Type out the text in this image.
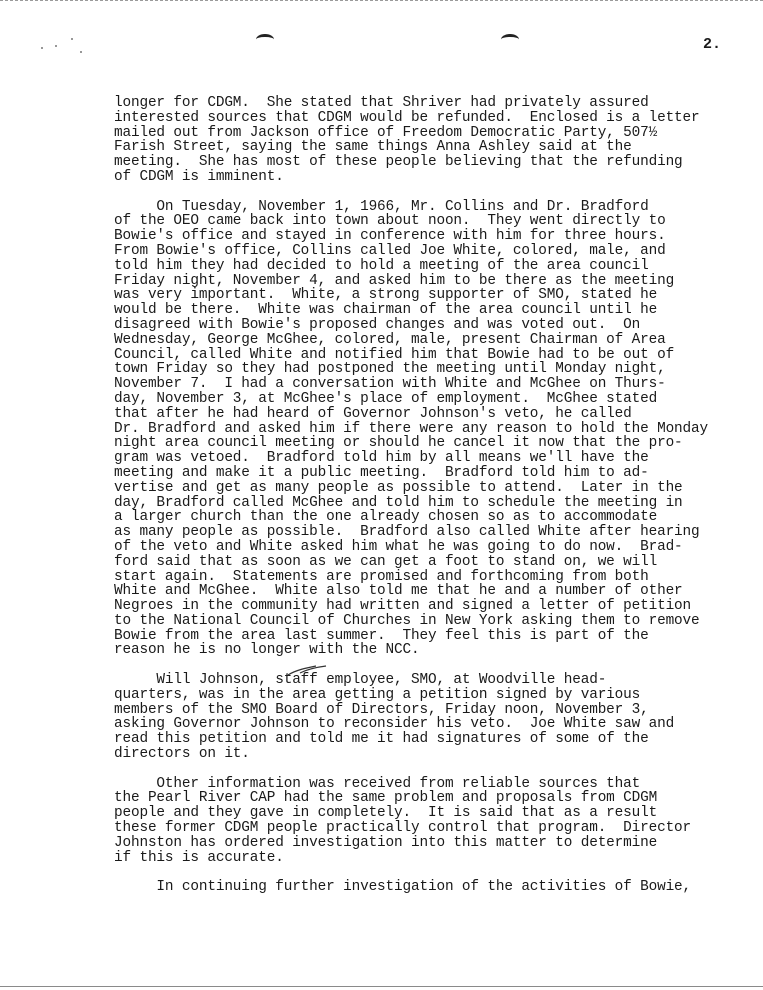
2.
longer for CDGM.  She stated that Shriver had privately assured
interested sources that CDGM would be refunded.  Enclosed is a letter
mailed out from Jackson office of Freedom Democratic Party, 507½
Farish Street, saying the same things Anna Ashley said at the
meeting.  She has most of these people believing that the refunding
of CDGM is imminent.
On Tuesday, November 1, 1966, Mr. Collins and Dr. Bradford
of the OEO came back into town about noon.  They went directly to
Bowie's office and stayed in conference with him for three hours.
From Bowie's office, Collins called Joe White, colored, male, and
told him they had decided to hold a meeting of the area council
Friday night, November 4, and asked him to be there as the meeting
was very important.  White, a strong supporter of SMO, stated he
would be there.  White was chairman of the area council until he
disagreed with Bowie's proposed changes and was voted out.  On
Wednesday, George McGhee, colored, male, present Chairman of Area
Council, called White and notified him that Bowie had to be out of
town Friday so they had postponed the meeting until Monday night,
November 7.  I had a conversation with White and McGhee on Thurs-
day, November 3, at McGhee's place of employment.  McGhee stated
that after he had heard of Governor Johnson's veto, he called
Dr. Bradford and asked him if there were any reason to hold the Monday
night area council meeting or should he cancel it now that the pro-
gram was vetoed.  Bradford told him by all means we'll have the
meeting and make it a public meeting.  Bradford told him to ad-
vertise and get as many people as possible to attend.  Later in the
day, Bradford called McGhee and told him to schedule the meeting in
a larger church than the one already chosen so as to accommodate
as many people as possible.  Bradford also called White after hearing
of the veto and White asked him what he was going to do now.  Brad-
ford said that as soon as we can get a foot to stand on, we will
start again.  Statements are promised and forthcoming from both
White and McGhee.  White also told me that he and a number of other
Negroes in the community had written and signed a letter of petition
to the National Council of Churches in New York asking them to remove
Bowie from the area last summer.  They feel this is part of the
reason he is no longer with the NCC.
Will Johnson, staff employee, SMO, at Woodville head-
quarters, was in the area getting a petition signed by various
members of the SMO Board of Directors, Friday noon, November 3,
asking Governor Johnson to reconsider his veto.  Joe White saw and
read this petition and told me it had signatures of some of the
directors on it.
Other information was received from reliable sources that
the Pearl River CAP had the same problem and proposals from CDGM
people and they gave in completely.  It is said that as a result
these former CDGM people practically control that program.  Director
Johnston has ordered investigation into this matter to determine
if this is accurate.
In continuing further investigation of the activities of Bowie,
